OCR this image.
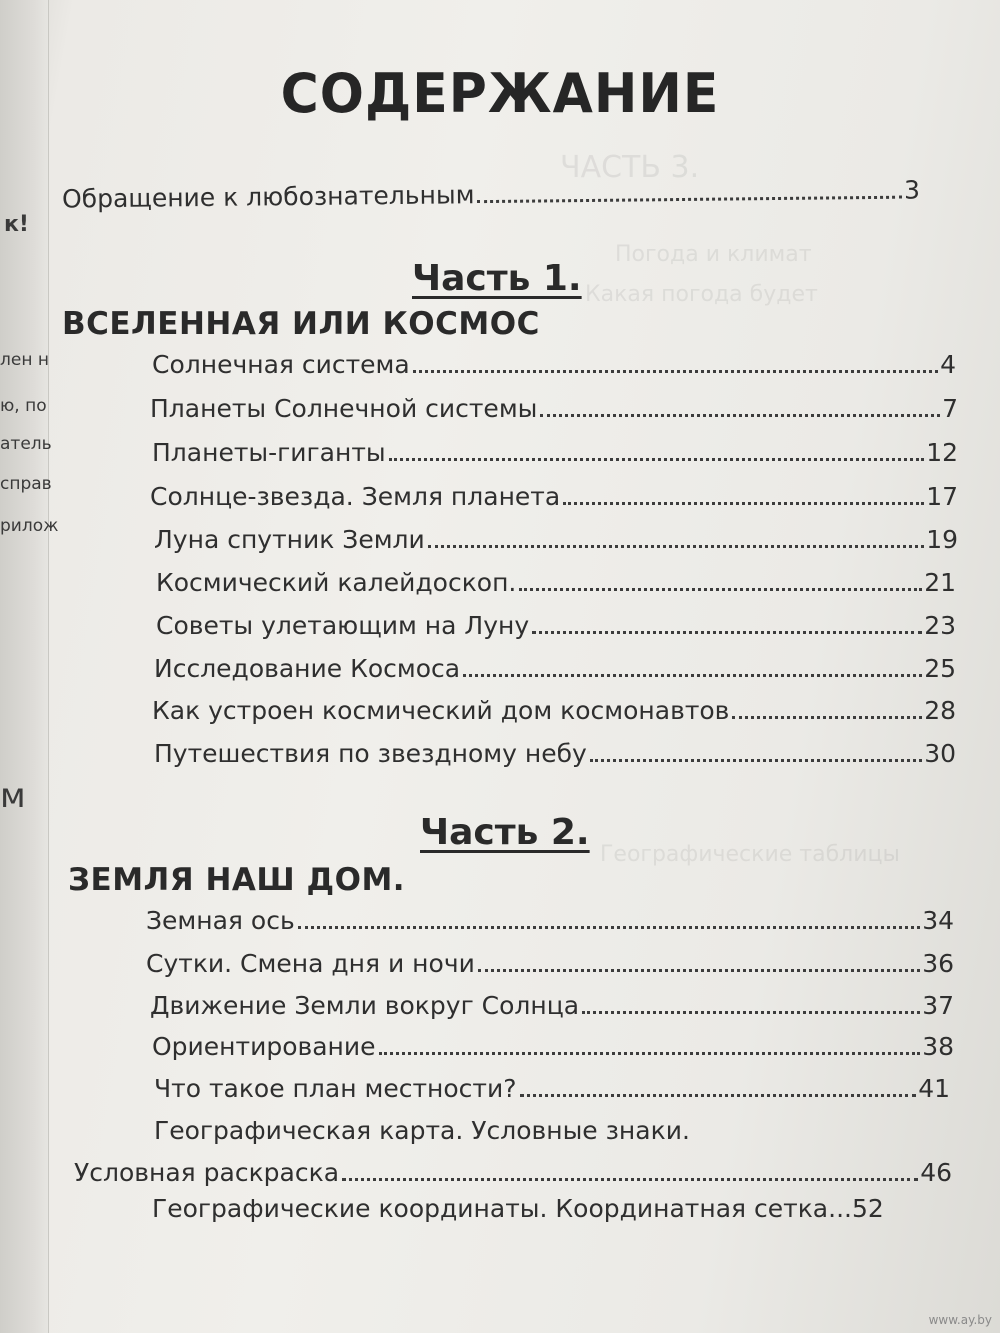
к!
лен н
ю, по
атель
справ
рилож
м
ЧАСТЬ 3.
Погода и климат
Какая погода будет
Географические таблицы
СОДЕРЖАНИЕ
Обращение к любознательным	3
Часть 1.
ВСЕЛЕННАЯ ИЛИ КОСМОС
Солнечная система	4
Планеты Солнечной системы	7
Планеты-гиганты	12
Солнце-звезда. Земля планета	17
Луна спутник Земли	19
Космический калейдоскоп.	21
Советы улетающим на Луну	23
Исследование Космоса	25
Как устроен космический дом космонавтов	28
Путешествия по звездному небу	30
Часть 2.
ЗЕМЛЯ НАШ ДОМ.
Земная ось	34
Сутки. Смена дня и ночи	36
Движение Земли вокруг Солнца	37
Ориентирование	38
Что такое план местности?	41
Географическая карта. Условные знаки.
Условная раскраска	46
Географические координаты. Координатная сетка...52
www.ay.by
